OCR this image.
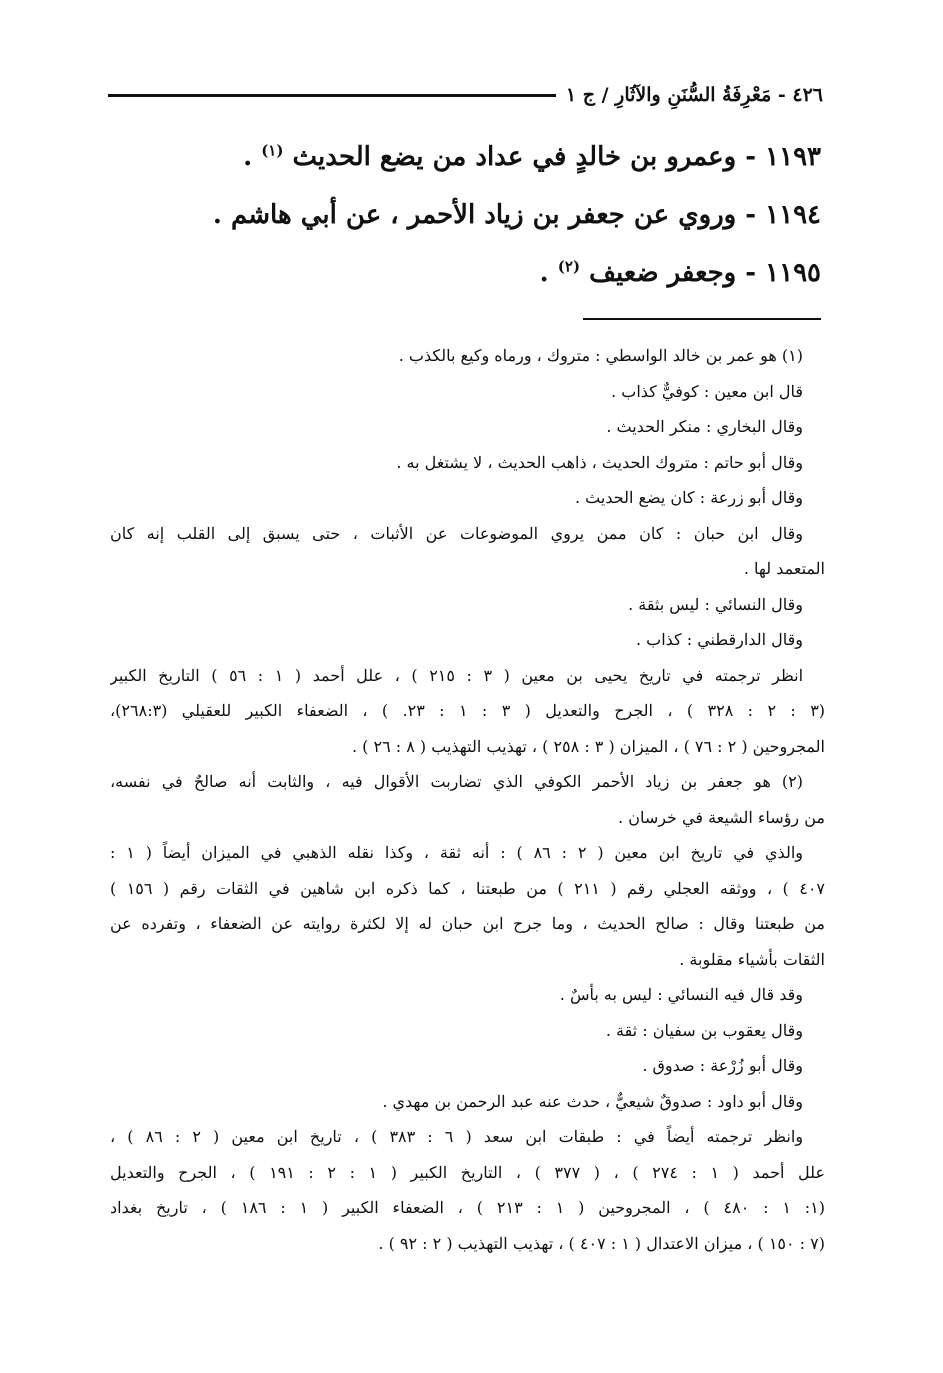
٤٢٦ - مَعْرِفَةُ السُّنَنِ والآثَارِ / ج ١
١١٩٣ - وعمرو بن خالدٍ في عداد من يضع الحديث $^{(١)}$ .
١١٩٤ - وروي عن جعفر بن زياد الأحمر ، عن أبي هاشم .
١١٩٥ - وجعفر ضعيف $^{(٢)}$ .
(١) هو عمر بن خالد الواسطي : متروك ، ورماه وكيع بالكذب .
قال ابن معين : كوفيٌّ كذاب .
وقال البخاري : منكر الحديث .
وقال أبو حاتم : متروك الحديث ، ذاهب الحديث ، لا يشتغل به .
وقال أبو زرعة : كان يضع الحديث .
وقال ابن حبان : كان ممن يروي الموضوعات عن الأثبات ، حتى يسبق إلى القلب إنه كان
المتعمد لها .
وقال النسائي : ليس بثقة .
وقال الدارقطني : كذاب .
انظر ترجمته في تاريخ يحيى بن معين ( ٣ : ٢١٥ ) ، علل أحمد ( ١ : ٥٦ ) التاريخ الكبير
(٣ : ٢ : ٣٢٨ ) ، الجرح والتعديل ( ٣ : ١ : ٢٣. ) ، الضعفاء الكبير للعقيلي (٢٦٨:٣)،
المجروحين ( ٢ : ٧٦ ) ، الميزان ( ٣ : ٢٥٨ ) ، تهذيب التهذيب ( ٨ : ٢٦ ) .
(٢) هو جعفر بن زياد الأحمر الكوفي الذي تضاربت الأقوال فيه ، والثابت أنه صالحٌ في نفسه،
من رؤساء الشيعة في خرسان .
والذي في تاريخ ابن معين ( ٢ : ٨٦ ) : أنه ثقة ، وكذا نقله الذهبي في الميزان أيضاً ( ١ :
٤٠٧ ) ، ووثقه العجلي رقم ( ٢١١ ) من طبعتنا ، كما ذكره ابن شاهين في الثقات رقم ( ١٥٦ )
من طبعتنا وقال : صالح الحديث ، وما جرح ابن حبان له إلا لكثرة روايته عن الضعفاء ، وتفرده عن
الثقات بأشياء مقلوبة .
وقد قال فيه النسائي : ليس به بأسٌ .
وقال يعقوب بن سفيان : ثقة .
وقال أبو زُرْعة : صدوق .
وقال أبو داود : صدوقٌ شيعيٌّ ، حدث عنه عبد الرحمن بن مهدي .
وانظر ترجمته أيضاً في : طبقات ابن سعد ( ٦ : ٣٨٣ ) ، تاريخ ابن معين ( ٢ : ٨٦ ) ،
علل أحمد ( ١ : ٢٧٤ ) ، ( ٣٧٧ ) ، التاريخ الكبير ( ١ : ٢ : ١٩١ ) ، الجرح والتعديل
(١: ١ : ٤٨٠ ) ، المجروحين ( ١ : ٢١٣ ) ، الضعفاء الكبير ( ١ : ١٨٦ ) ، تاريخ بغداد
(٧ : ١٥٠ ) ، ميزان الاعتدال ( ١ : ٤٠٧ ) ، تهذيب التهذيب ( ٢ : ٩٢ ) .
